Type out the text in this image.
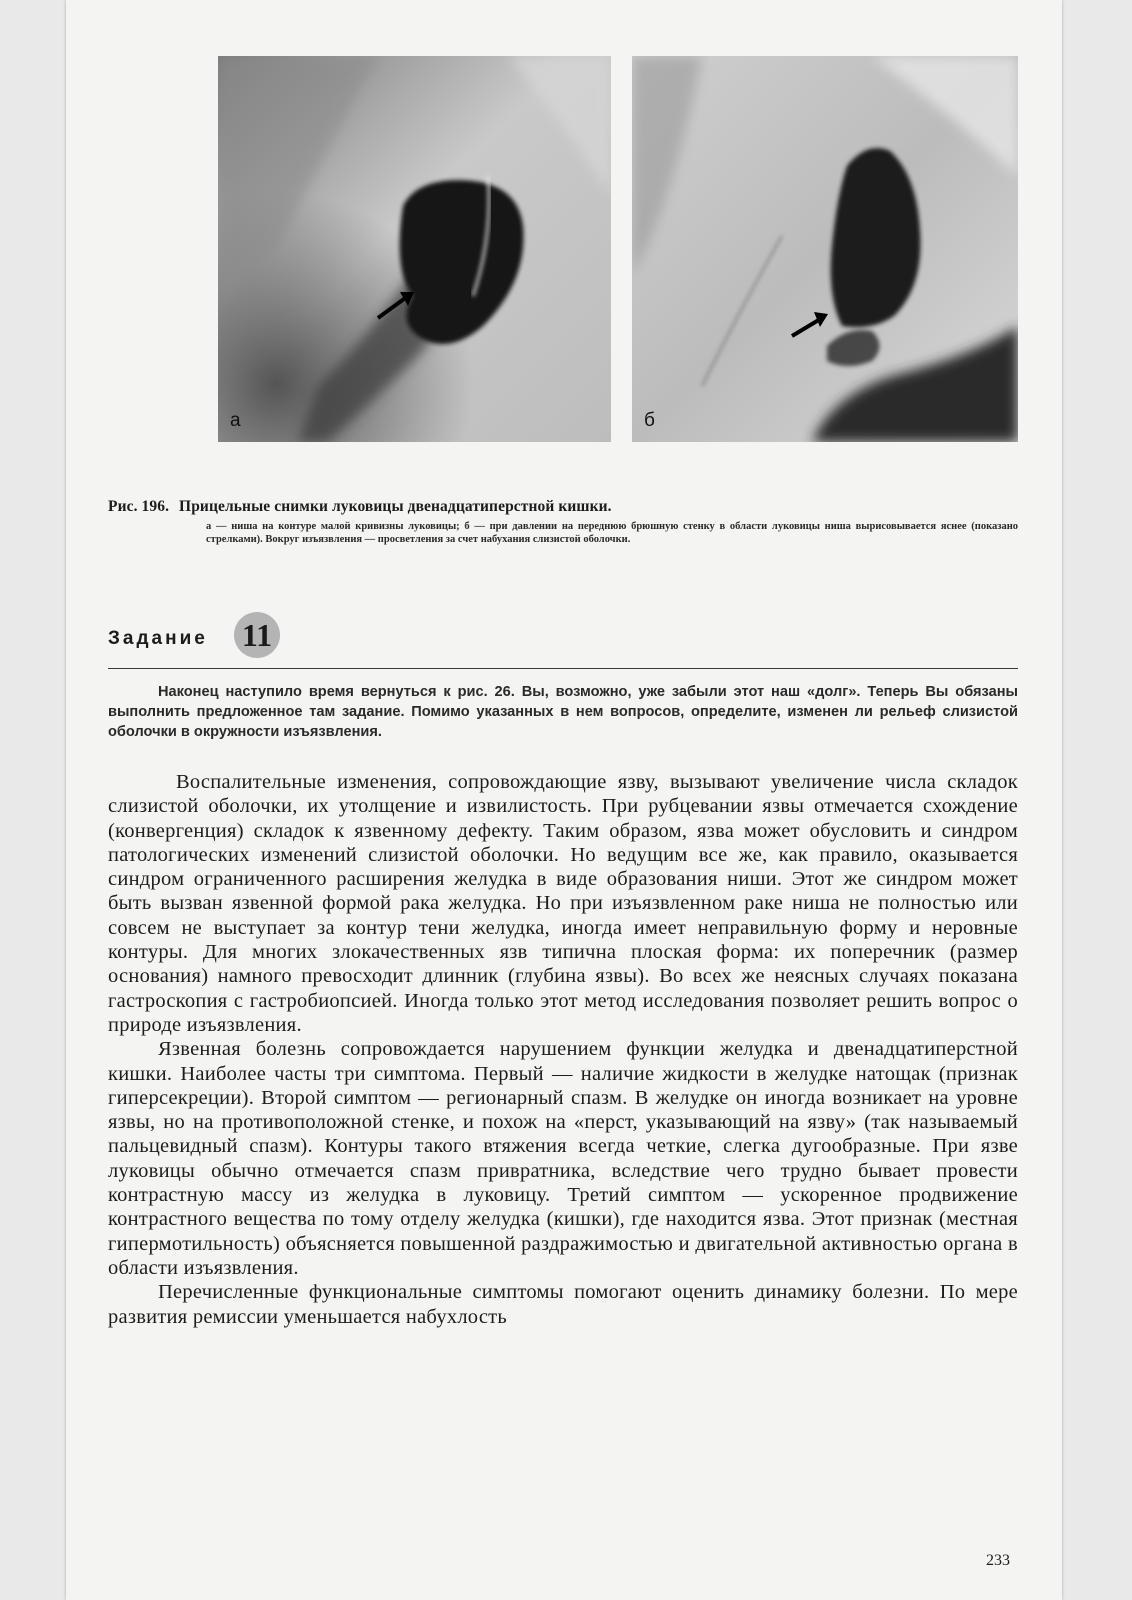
а	б
Рис. 196. Прицельные снимки луковицы двенадцатиперстной кишки.
а — ниша на контуре малой кривизны луковицы; б — при давлении на переднюю брюшную стенку в области луковицы ниша вырисовывается яснее (показано стрелками). Вокруг изъязвления — просветления за счет набухания слизистой оболочки.
Задание 11

Наконец наступило время вернуться к рис. 26. Вы, возможно, уже забыли этот наш «долг». Теперь Вы обязаны выполнить предложенное там задание. Помимо указанных в нем вопросов, определите, изменен ли рельеф слизистой оболочки в окружности изъязвления.

Воспалительные изменения, сопровождающие язву, вызывают увеличение числа складок слизистой оболочки, их утолщение и извилистость. При рубцевании язвы отмечается схождение (конвергенция) складок к язвенному дефекту. Таким образом, язва может обусловить и синдром патологических изменений слизистой оболочки. Но ведущим все же, как правило, оказывается синдром ограниченного расширения желудка в виде образования ниши. Этот же синдром может быть вызван язвенной формой рака желудка. Но при изъязвленном раке ниша не полностью или совсем не выступает за контур тени желудка, иногда имеет неправильную форму и неровные контуры. Для многих злокачественных язв типична плоская форма: их поперечник (размер основания) намного превосходит длинник (глубина язвы). Во всех же неясных случаях показана гастроскопия с гастробиопсией. Иногда только этот метод исследования позволяет решить вопрос о природе изъязвления.

Язвенная болезнь сопровождается нарушением функции желудка и двенадцатиперстной кишки. Наиболее часты три симптома. Первый — наличие жидкости в желудке натощак (признак гиперсекреции). Второй симптом — регионарный спазм. В желудке он иногда возникает на уровне язвы, но на противоположной стенке, и похож на «перст, указывающий на язву» (так называемый пальцевидный спазм). Контуры такого втяжения всегда четкие, слегка дугообразные. При язве луковицы обычно отмечается спазм привратника, вследствие чего трудно бывает провести контрастную массу из желудка в луковицу. Третий симптом — ускоренное продвижение контрастного вещества по тому отделу желудка (кишки), где находится язва. Этот признак (местная гипермотильность) объясняется повышенной раздражимостью и двигательной активностью органа в области изъязвления.

Перечисленные функциональные симптомы помогают оценить динамику болезни. По мере развития ремиссии уменьшается набухлость

233
